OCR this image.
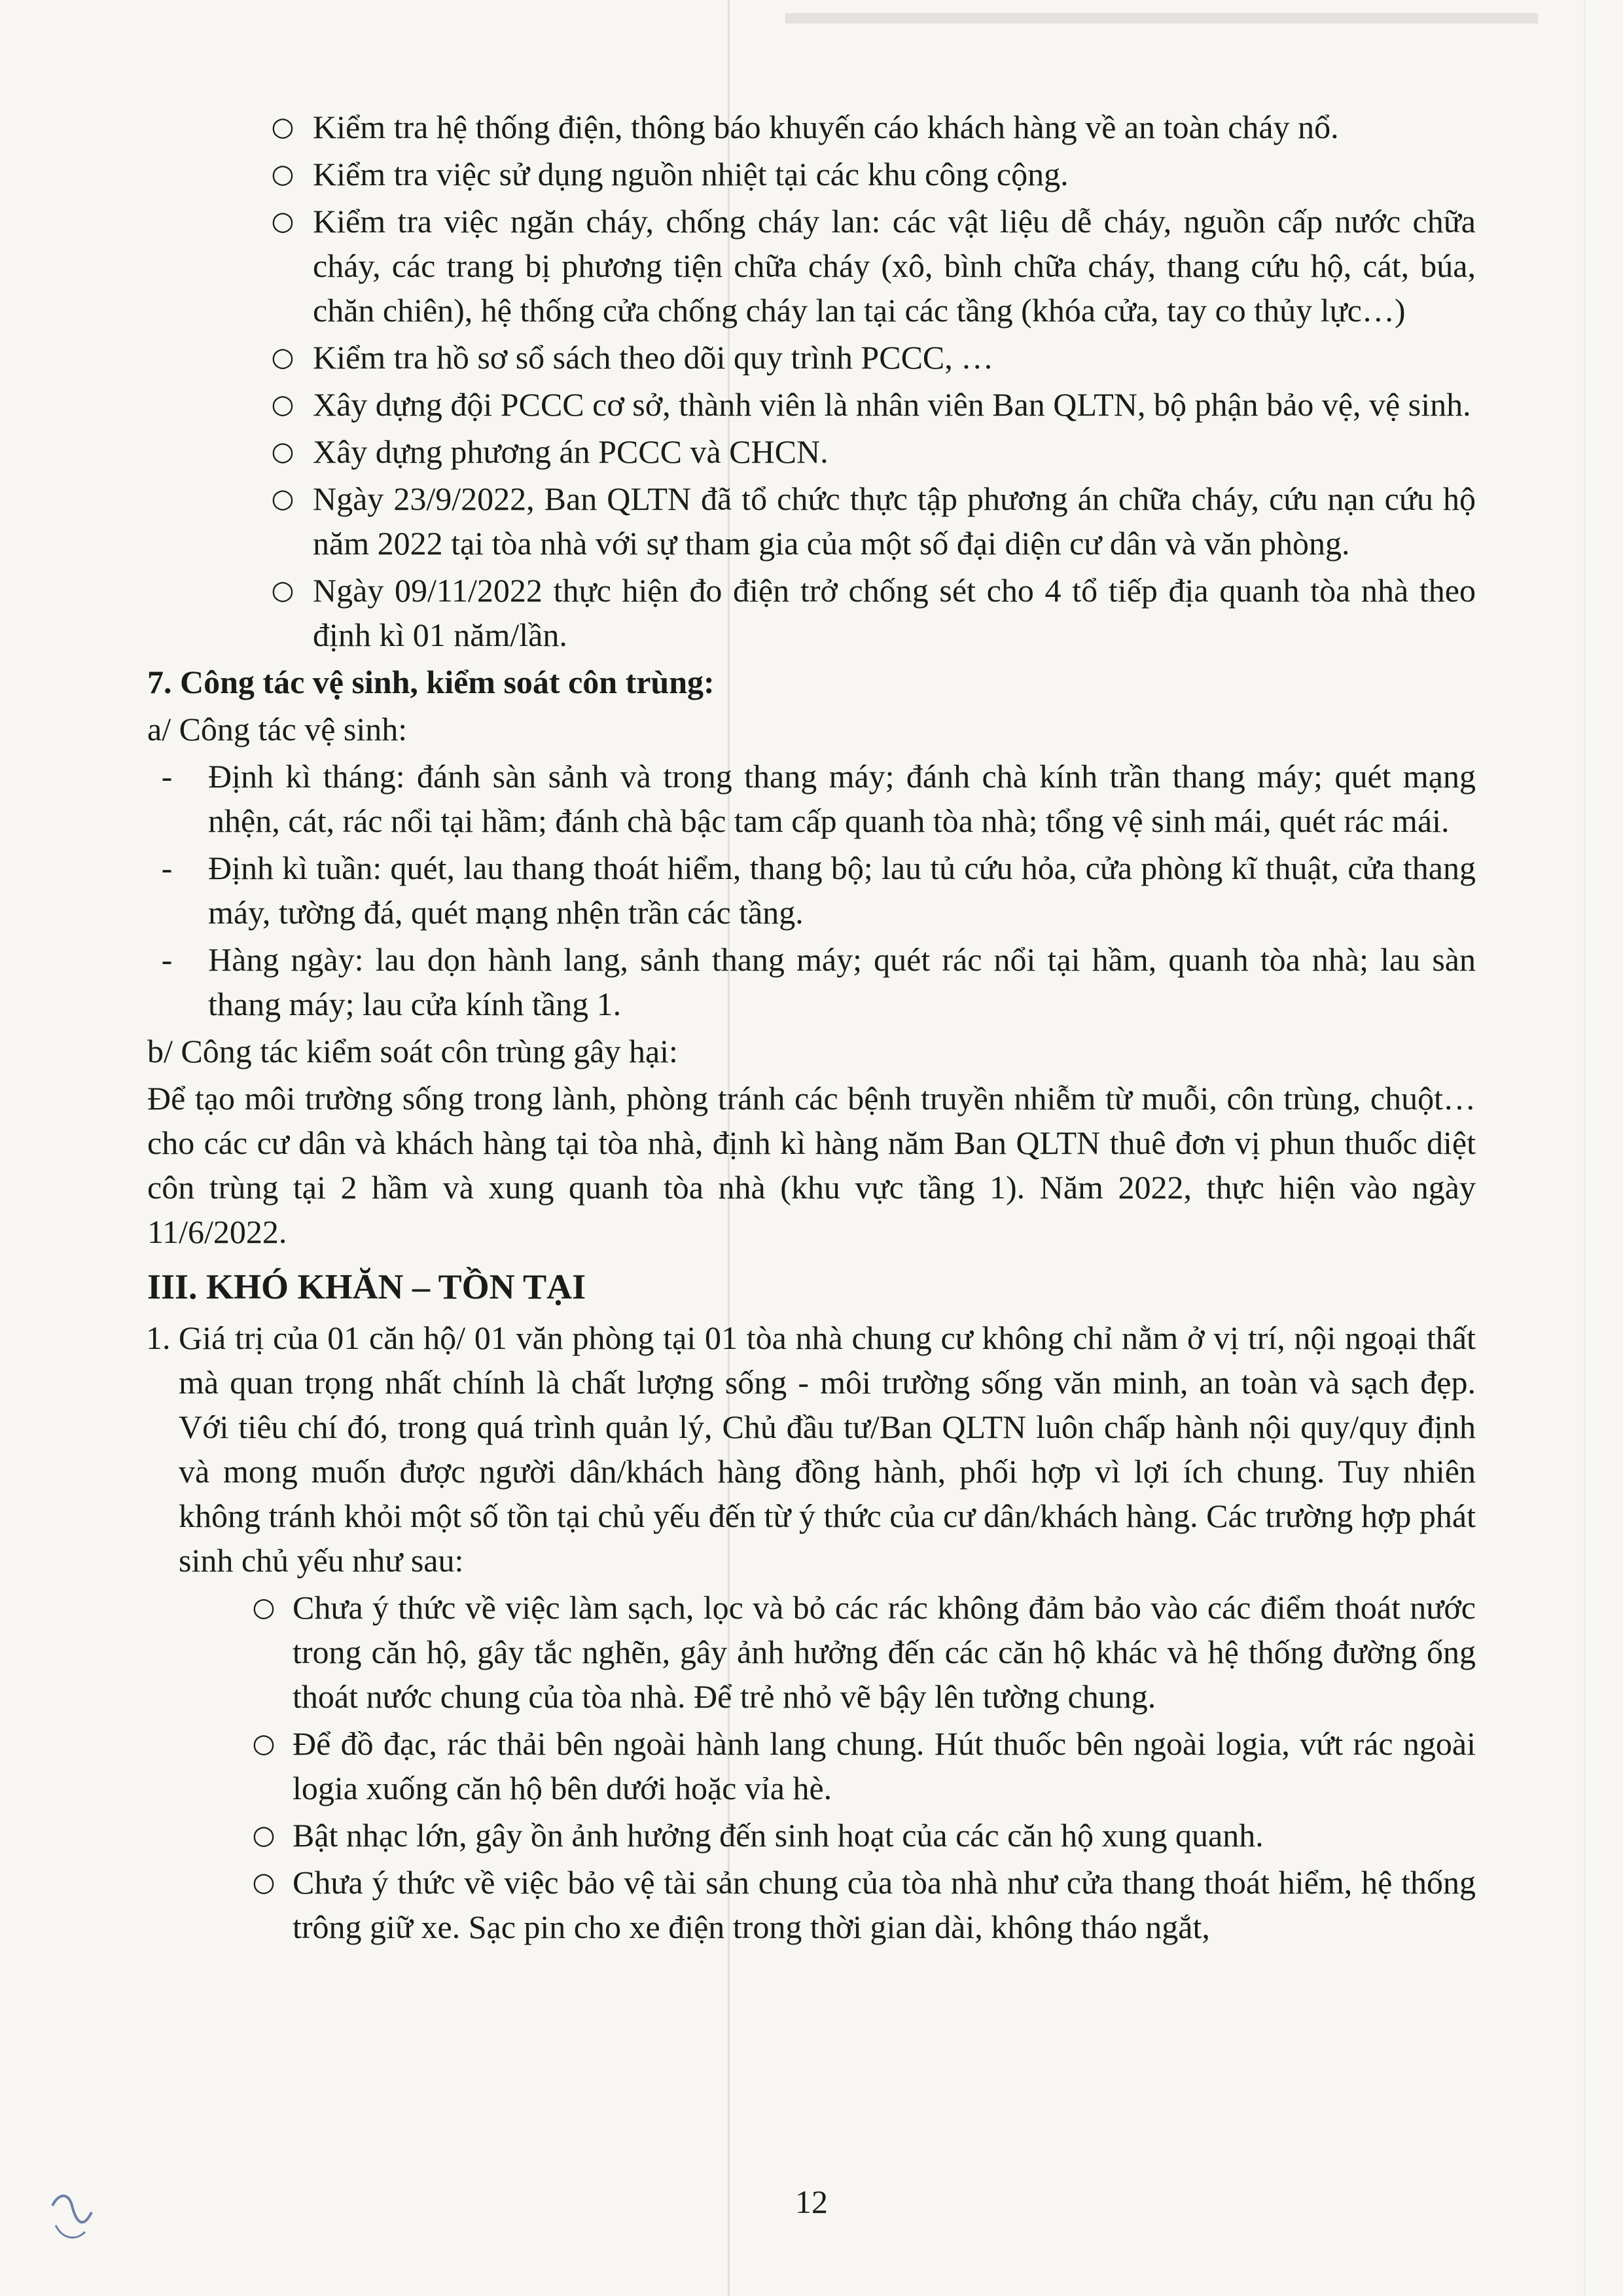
○ Kiểm tra hệ thống điện, thông báo khuyến cáo khách hàng về an toàn cháy nổ.
○ Kiểm tra việc sử dụng nguồn nhiệt tại các khu công cộng.
○ Kiểm tra việc ngăn cháy, chống cháy lan: các vật liệu dễ cháy, nguồn cấp nước chữa cháy, các trang bị phương tiện chữa cháy (xô, bình chữa cháy, thang cứu hộ, cát, búa, chăn chiên), hệ thống cửa chống cháy lan tại các tầng (khóa cửa, tay co thủy lực…)
○ Kiểm tra hồ sơ sổ sách theo dõi quy trình PCCC, …
○ Xây dựng đội PCCC cơ sở, thành viên là nhân viên Ban QLTN, bộ phận bảo vệ, vệ sinh.
○ Xây dựng phương án PCCC và CHCN.
○ Ngày 23/9/2022, Ban QLTN đã tổ chức thực tập phương án chữa cháy, cứu nạn cứu hộ năm 2022 tại tòa nhà với sự tham gia của một số đại diện cư dân và văn phòng.
○ Ngày 09/11/2022 thực hiện đo điện trở chống sét cho 4 tổ tiếp địa quanh tòa nhà theo định kì 01 năm/lần.
7. Công tác vệ sinh, kiểm soát côn trùng:
a/ Công tác vệ sinh:
- Định kì tháng: đánh sàn sảnh và trong thang máy; đánh chà kính trần thang máy; quét mạng nhện, cát, rác nổi tại hầm; đánh chà bậc tam cấp quanh tòa nhà; tổng vệ sinh mái, quét rác mái.
- Định kì tuần: quét, lau thang thoát hiểm, thang bộ; lau tủ cứu hỏa, cửa phòng kĩ thuật, cửa thang máy, tường đá, quét mạng nhện trần các tầng.
- Hàng ngày: lau dọn hành lang, sảnh thang máy; quét rác nổi tại hầm, quanh tòa nhà; lau sàn thang máy; lau cửa kính tầng 1.
b/ Công tác kiểm soát côn trùng gây hại:
Để tạo môi trường sống trong lành, phòng tránh các bệnh truyền nhiễm từ muỗi, côn trùng, chuột… cho các cư dân và khách hàng tại tòa nhà, định kì hàng năm Ban QLTN thuê đơn vị phun thuốc diệt côn trùng tại 2 hầm và xung quanh tòa nhà (khu vực tầng 1). Năm 2022, thực hiện vào ngày 11/6/2022.
III. KHÓ KHĂN – TỒN TẠI
1. Giá trị của 01 căn hộ/ 01 văn phòng tại 01 tòa nhà chung cư không chỉ nằm ở vị trí, nội ngoại thất mà quan trọng nhất chính là chất lượng sống - môi trường sống văn minh, an toàn và sạch đẹp. Với tiêu chí đó, trong quá trình quản lý, Chủ đầu tư/Ban QLTN luôn chấp hành nội quy/quy định và mong muốn được người dân/khách hàng đồng hành, phối hợp vì lợi ích chung. Tuy nhiên không tránh khỏi một số tồn tại chủ yếu đến từ ý thức của cư dân/khách hàng. Các trường hợp phát sinh chủ yếu như sau:
○ Chưa ý thức về việc làm sạch, lọc và bỏ các rác không đảm bảo vào các điểm thoát nước trong căn hộ, gây tắc nghẽn, gây ảnh hưởng đến các căn hộ khác và hệ thống đường ống thoát nước chung của tòa nhà. Để trẻ nhỏ vẽ bậy lên tường chung.
○ Để đồ đạc, rác thải bên ngoài hành lang chung. Hút thuốc bên ngoài logia, vứt rác ngoài logia xuống căn hộ bên dưới hoặc vỉa hè.
○ Bật nhạc lớn, gây ồn ảnh hưởng đến sinh hoạt của các căn hộ xung quanh.
○ Chưa ý thức về việc bảo vệ tài sản chung của tòa nhà như cửa thang thoát hiểm, hệ thống trông giữ xe. Sạc pin cho xe điện trong thời gian dài, không tháo ngắt,
12
